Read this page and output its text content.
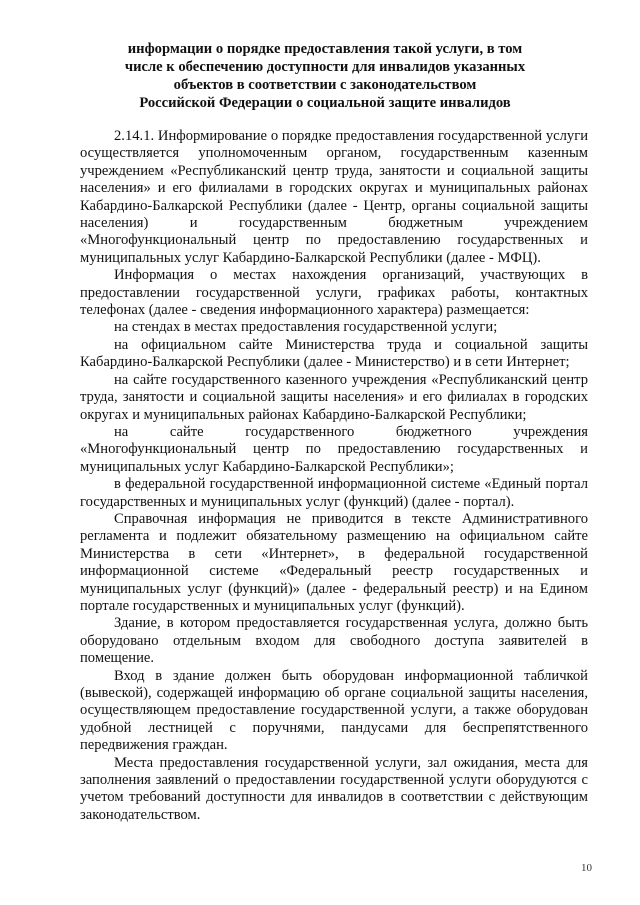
информации о порядке предоставления такой услуги, в том
числе к обеспечению доступности для инвалидов указанных
объектов в соответствии с законодательством
Российской Федерации о социальной защите инвалидов

2.14.1. Информирование о порядке предоставления государственной услуги осуществляется уполномоченным органом, государственным казенным учреждением «Республиканский центр труда, занятости и социальной защиты населения» и его филиалами в городских округах и муниципальных районах Кабардино-Балкарской Республики (далее - Центр, органы социальной защиты населения) и государственным бюджетным учреждением «Многофункциональный центр по предоставлению государственных и муниципальных услуг Кабардино-Балкарской Республики (далее - МФЦ).

Информация о местах нахождения организаций, участвующих в предоставлении государственной услуги, графиках работы, контактных телефонах (далее - сведения информационного характера) размещается:

на стендах в местах предоставления государственной услуги;

на официальном сайте Министерства труда и социальной защиты Кабардино-Балкарской Республики (далее - Министерство) и в сети Интернет;

на сайте государственного казенного учреждения «Республиканский центр труда, занятости и социальной защиты населения» и его филиалах в городских округах и муниципальных районах Кабардино-Балкарской Республики;

на сайте государственного бюджетного учреждения «Многофункциональный центр по предоставлению государственных и муниципальных услуг Кабардино-Балкарской Республики»;

в федеральной государственной информационной системе «Единый портал государственных и муниципальных услуг (функций) (далее - портал).

Справочная информация не приводится в тексте Административного регламента и подлежит обязательному размещению на официальном сайте Министерства в сети «Интернет», в федеральной государственной информационной системе «Федеральный реестр государственных и муниципальных услуг (функций)» (далее - федеральный реестр) и на Едином портале государственных и муниципальных услуг (функций).

Здание, в котором предоставляется государственная услуга, должно быть оборудовано отдельным входом для свободного доступа заявителей в помещение.

Вход в здание должен быть оборудован информационной табличкой (вывеской), содержащей информацию об органе социальной защиты населения, осуществляющем предоставление государственной услуги, а также оборудован удобной лестницей с поручнями, пандусами для беспрепятственного передвижения граждан.

Места предоставления государственной услуги, зал ожидания, места для заполнения заявлений о предоставлении государственной услуги оборудуются с учетом требований доступности для инвалидов в соответствии с действующим законодательством.

10
